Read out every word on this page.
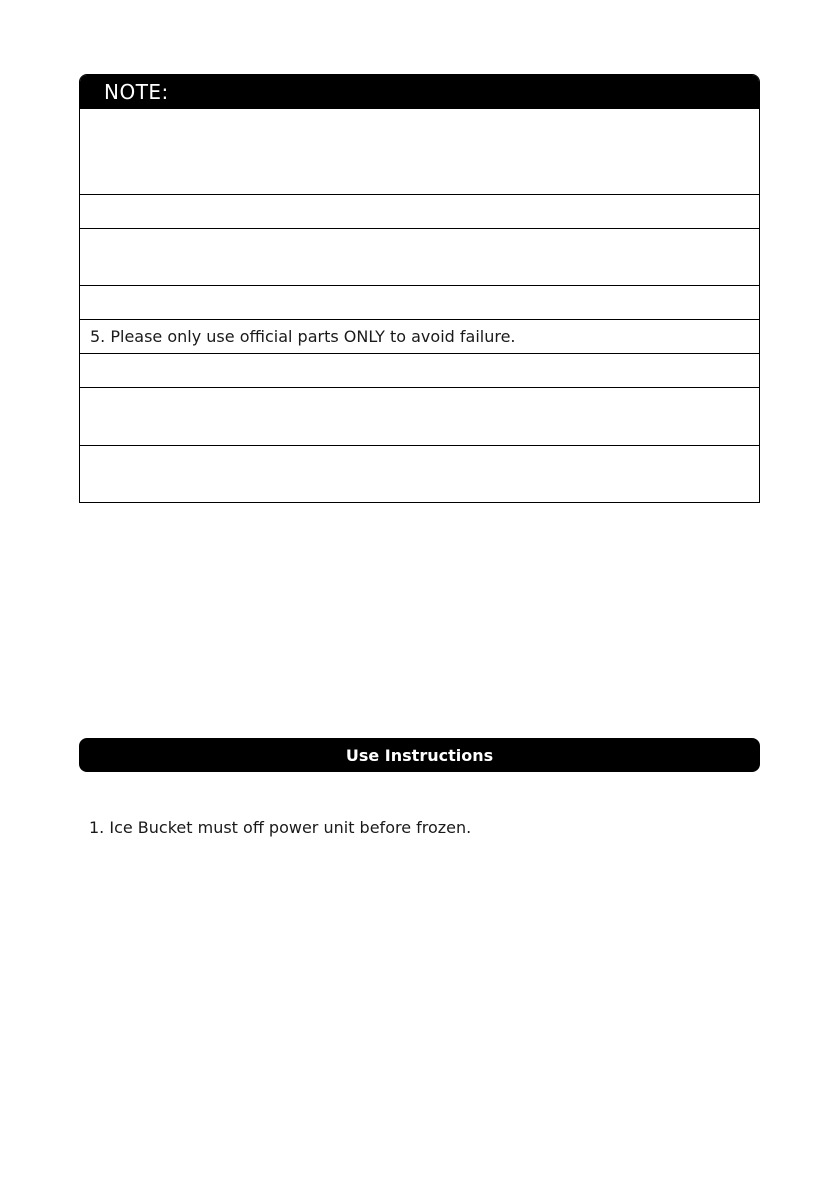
NOTE:
5. Please only use official parts ONLY to avoid failure.
Use Instructions
1. Ice Bucket must off power unit before frozen.
